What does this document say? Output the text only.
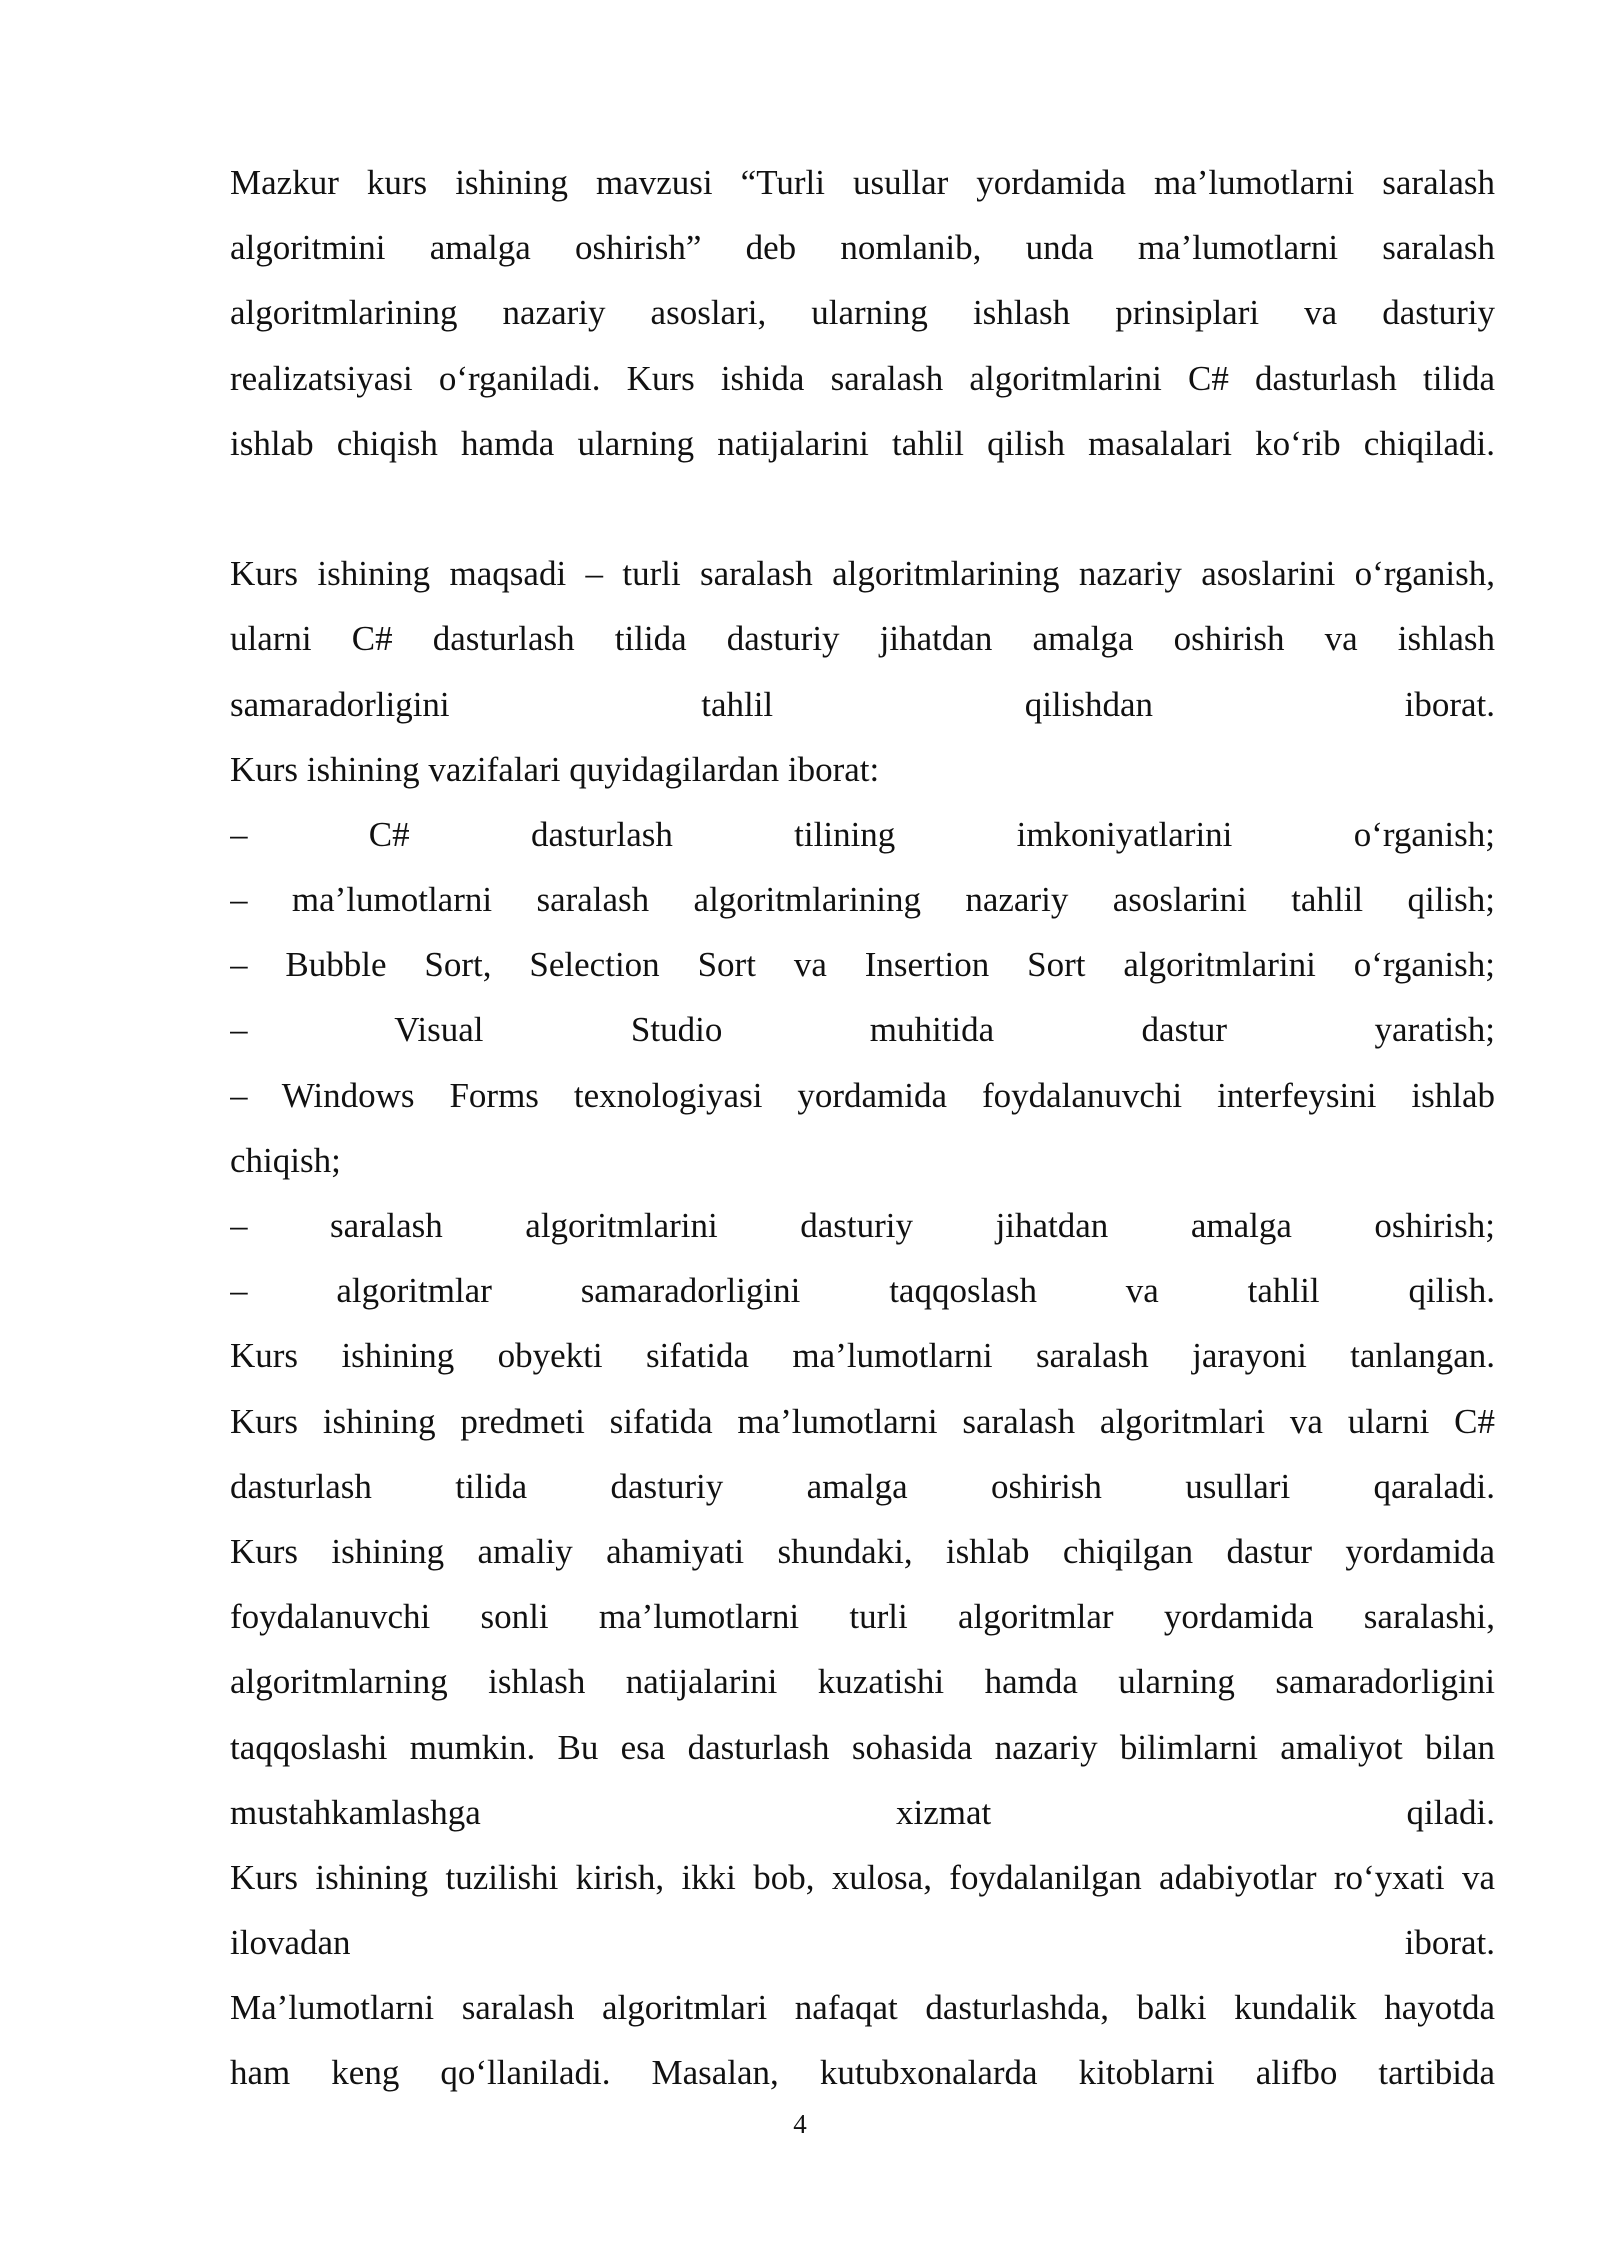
Mazkur kurs ishining mavzusi “Turli usullar yordamida ma’lumotlarni saralash
algoritmini amalga oshirish” deb nomlanib, unda ma’lumotlarni saralash
algoritmlarining nazariy asoslari, ularning ishlash prinsiplari va dasturiy
realizatsiyasi o‘rganiladi. Kurs ishida saralash algoritmlarini C# dasturlash tilida
ishlab chiqish hamda ularning natijalarini tahlil qilish masalalari ko‘rib chiqiladi.
Kurs ishining maqsadi – turli saralash algoritmlarining nazariy asoslarini o‘rganish,
ularni C# dasturlash tilida dasturiy jihatdan amalga oshirish va ishlash
samaradorligini tahlil qilishdan iborat.
Kurs ishining vazifalari quyidagilardan iborat:
– C# dasturlash tilining imkoniyatlarini o‘rganish;
– ma’lumotlarni saralash algoritmlarining nazariy asoslarini tahlil qilish;
– Bubble Sort, Selection Sort va Insertion Sort algoritmlarini o‘rganish;
– Visual Studio muhitida dastur yaratish;
– Windows Forms texnologiyasi yordamida foydalanuvchi interfeysini ishlab
chiqish;
– saralash algoritmlarini dasturiy jihatdan amalga oshirish;
– algoritmlar samaradorligini taqqoslash va tahlil qilish.
Kurs ishining obyekti sifatida ma’lumotlarni saralash jarayoni tanlangan.
Kurs ishining predmeti sifatida ma’lumotlarni saralash algoritmlari va ularni C#
dasturlash tilida dasturiy amalga oshirish usullari qaraladi.
Kurs ishining amaliy ahamiyati shundaki, ishlab chiqilgan dastur yordamida
foydalanuvchi sonli ma’lumotlarni turli algoritmlar yordamida saralashi,
algoritmlarning ishlash natijalarini kuzatishi hamda ularning samaradorligini
taqqoslashi mumkin. Bu esa dasturlash sohasida nazariy bilimlarni amaliyot bilan
mustahkamlashga xizmat qiladi.
Kurs ishining tuzilishi kirish, ikki bob, xulosa, foydalanilgan adabiyotlar ro‘yxati va
ilovadan iborat.
Ma’lumotlarni saralash algoritmlari nafaqat dasturlashda, balki kundalik hayotda
ham keng qo‘llaniladi. Masalan, kutubxonalarda kitoblarni alifbo tartibida
4
